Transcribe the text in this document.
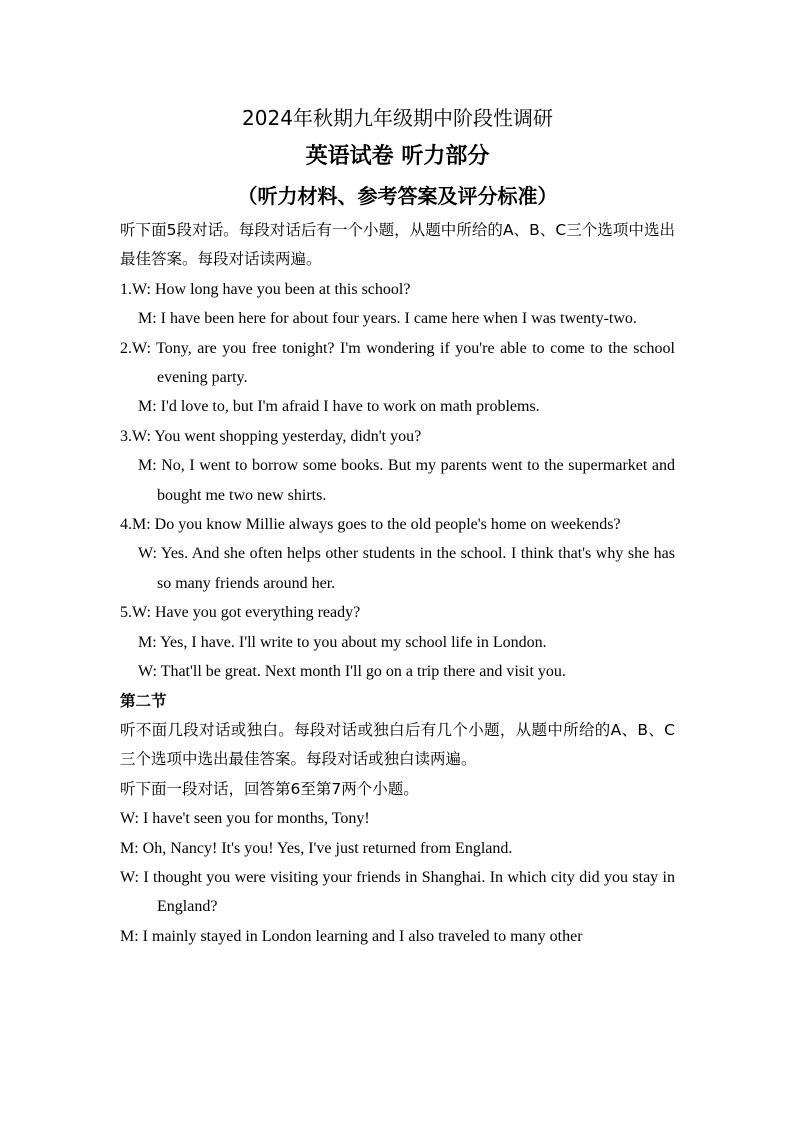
2024年秋期九年级期中阶段性调研
英语试卷 听力部分
（听力材料、参考答案及评分标准）

听下面5段对话。每段对话后有一个小题，从题中所给的A、B、C三个选项中选出最佳答案。每段对话读两遍。

1.W: How long have you been at this school?

M: I have been here for about four years. I came here when I was twenty-two.

2.W: Tony, are you free tonight? I'm wondering if you're able to come to the school evening party.

M: I'd love to, but I'm afraid I have to work on math problems.

3.W: You went shopping yesterday, didn't you?

M: No, I went to borrow some books. But my parents went to the supermarket and bought me two new shirts.

4.M: Do you know Millie always goes to the old people's home on weekends?

W: Yes. And she often helps other students in the school. I think that's why she has so many friends around her.

5.W: Have you got everything ready?

M: Yes, I have. I'll write to you about my school life in London.

W: That'll be great. Next month I'll go on a trip there and visit you.

第二节

听不面几段对话或独白。每段对话或独白后有几个小题，从题中所给的A、B、C三个选项中选出最佳答案。每段对话或独白读两遍。

听下面一段对话，回答第6至第7两个小题。

W: I have't seen you for months, Tony!

M: Oh, Nancy! It's you! Yes, I've just returned from England.

W: I thought you were visiting your friends in Shanghai. In which city did you stay in England?

M: I mainly stayed in London learning and I also traveled to many other
